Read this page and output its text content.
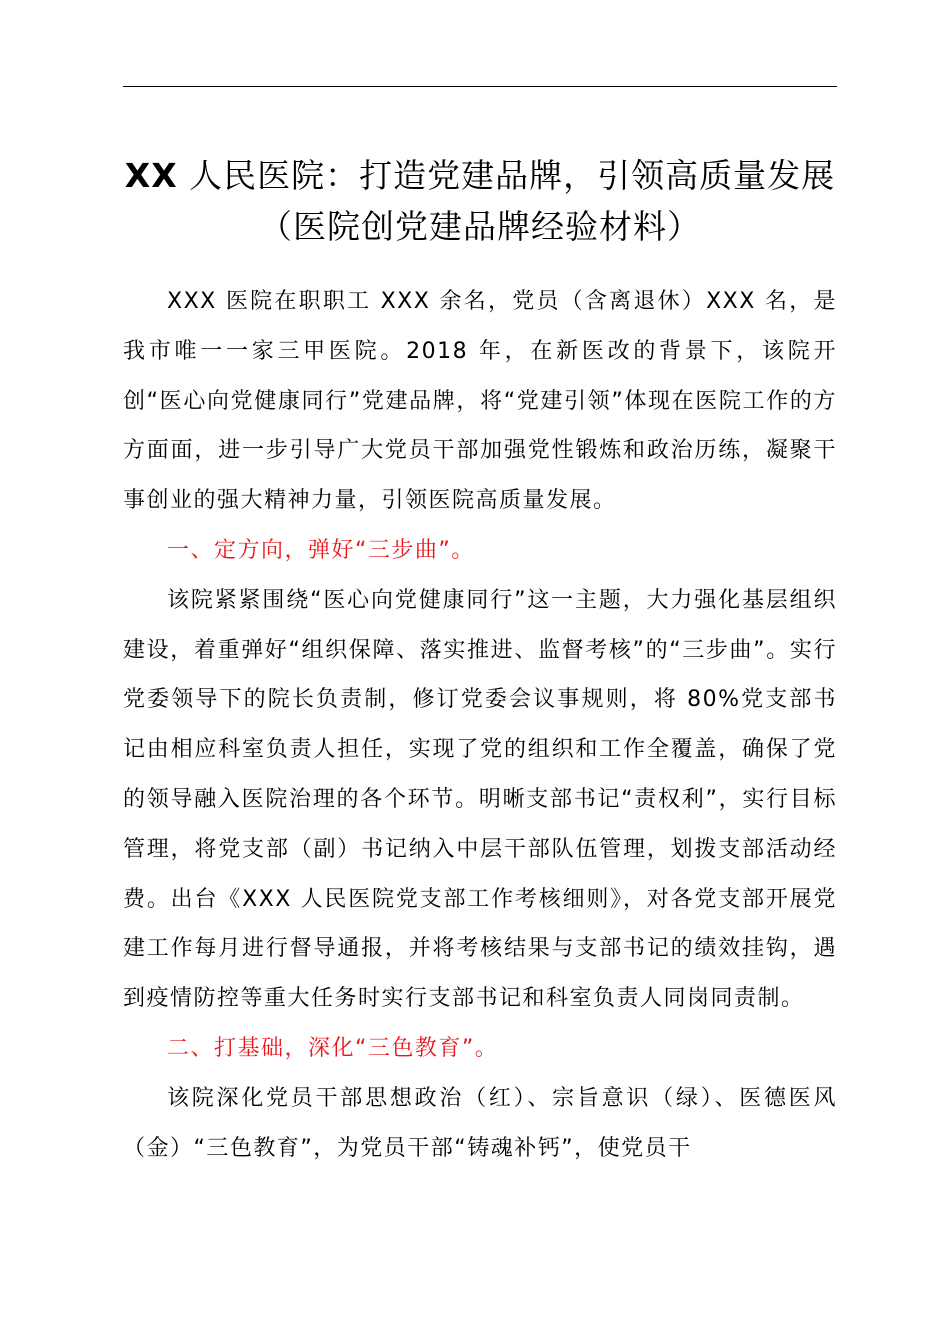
XX 人民医院：打造党建品牌，引领高质量发展（医院创党建品牌经验材料）

XXX 医院在职职工 XXX 余名，党员（含离退休）XXX 名，是我市唯一一家三甲医院。2018 年，在新医改的背景下，该院开创“医心向党健康同行”党建品牌，将“党建引领”体现在医院工作的方方面面，进一步引导广大党员干部加强党性锻炼和政治历练，凝聚干事创业的强大精神力量，引领医院高质量发展。

一、定方向，弹好“三步曲”。

该院紧紧围绕“医心向党健康同行”这一主题，大力强化基层组织建设，着重弹好“组织保障、落实推进、监督考核”的“三步曲”。实行党委领导下的院长负责制，修订党委会议事规则，将 80%党支部书记由相应科室负责人担任，实现了党的组织和工作全覆盖，确保了党的领导融入医院治理的各个环节。明晰支部书记“责权利”，实行目标管理，将党支部（副）书记纳入中层干部队伍管理，划拨支部活动经费。出台《XXX 人民医院党支部工作考核细则》，对各党支部开展党建工作每月进行督导通报，并将考核结果与支部书记的绩效挂钩，遇到疫情防控等重大任务时实行支部书记和科室负责人同岗同责制。

二、打基础，深化“三色教育”。

该院深化党员干部思想政治（红）、宗旨意识（绿）、医德医风（金）“三色教育”，为党员干部“铸魂补钙”，使党员干
